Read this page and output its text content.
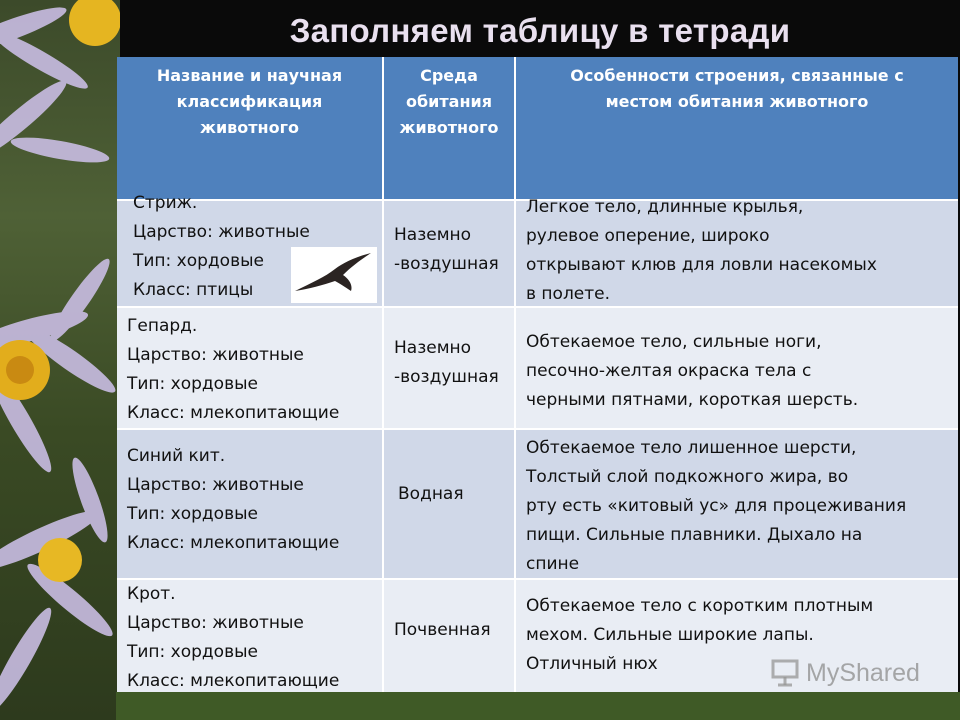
Заполняем таблицу в тетради
Название и научная классификация животного
Среда обитания животного
Особенности строения, связанные с местом обитания животного
Стриж.
Царство: животные
Тип: хордовые
Класс: птицы
Наземно
-воздушная
Легкое тело, длинные крылья,
рулевое оперение, широко
открывают клюв для ловли насекомых
в полете.
Гепард.
Царство: животные
Тип: хордовые
Класс: млекопитающие
Наземно
-воздушная
Обтекаемое тело, сильные ноги,
песочно-желтая окраска тела с
черными пятнами, короткая шерсть.
Синий кит.
Царство: животные
Тип: хордовые
Класс: млекопитающие
Водная
Обтекаемое тело лишенное шерсти,
Толстый слой подкожного жира, во
рту есть «китовый ус» для процеживания
пищи. Сильные плавники. Дыхало на
спине
Крот.
Царство: животные
Тип: хордовые
Класс: млекопитающие
Почвенная
Обтекаемое тело с коротким плотным
мехом. Сильные широкие лапы.
Отличный нюх	MyShared
